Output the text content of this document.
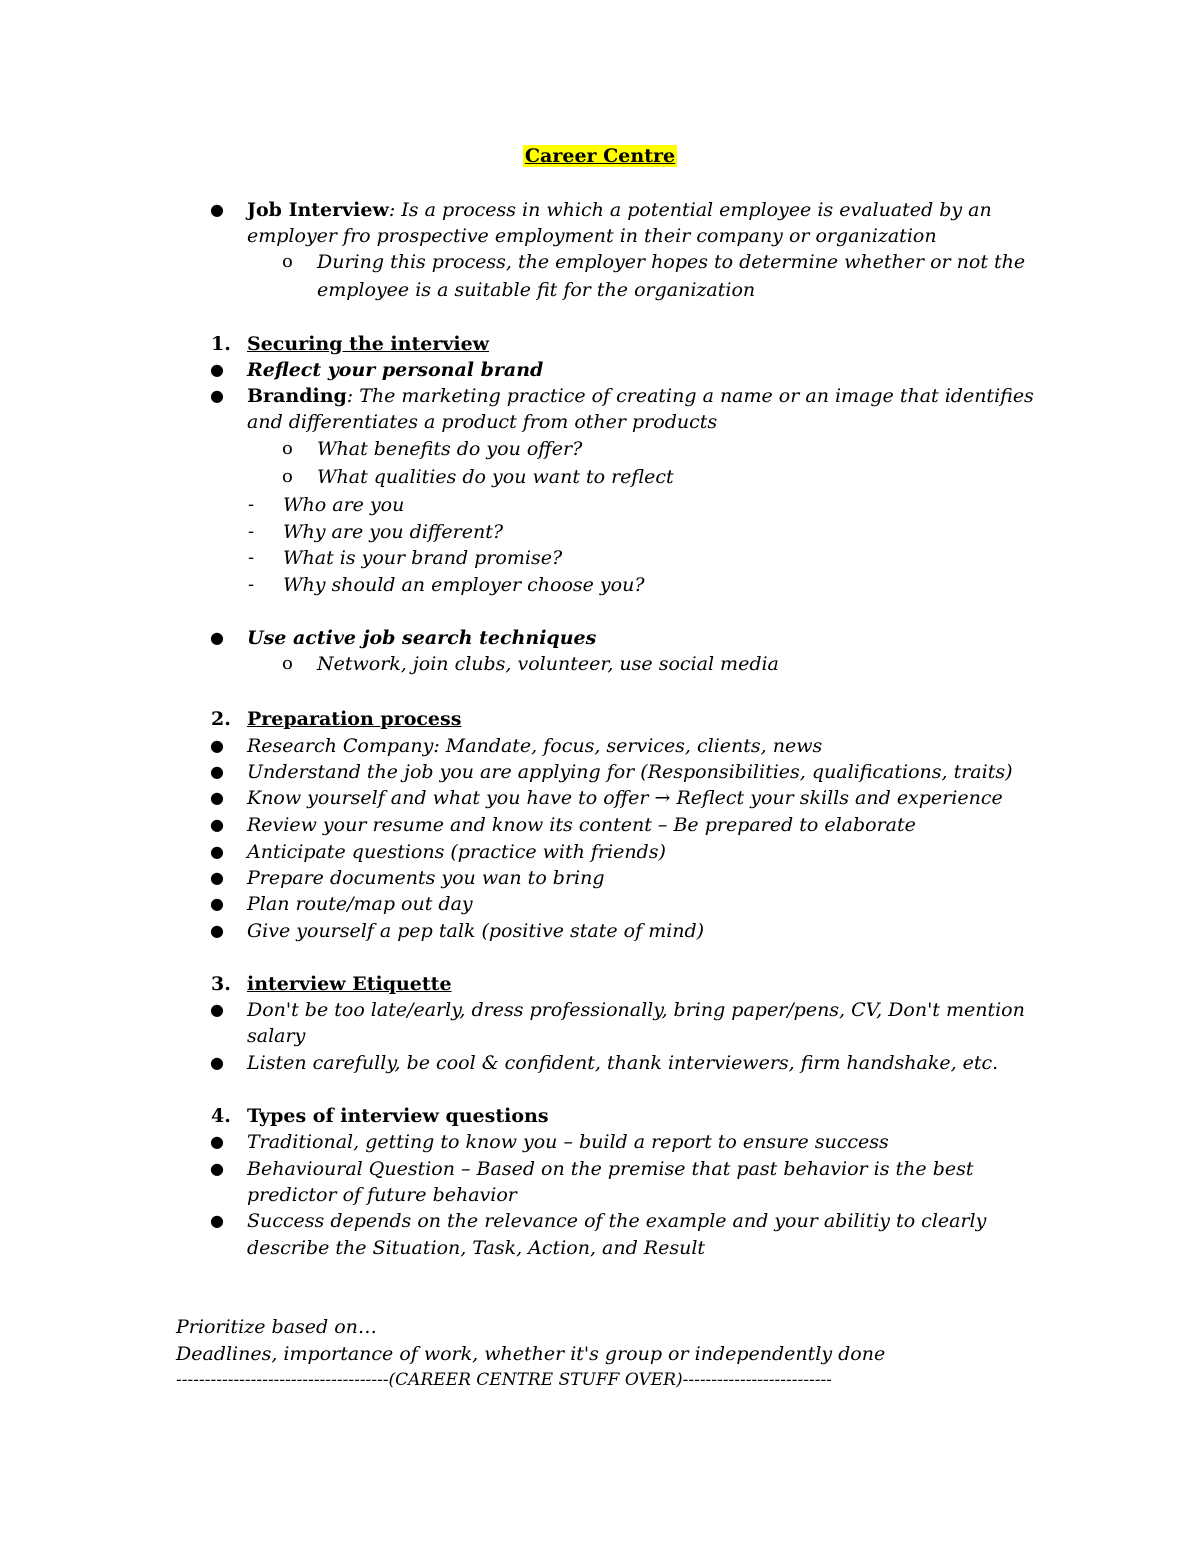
Career Centre
● Job Interview: Is a process in which a potential employee is evaluated by an
employer fro prospective employment in their company or organization
o During this process, the employer hopes to determine whether or not the
employee is a suitable fit for the organization
1. Securing the interview
● Reflect your personal brand
● Branding: The marketing practice of creating a name or an image that identifies
and differentiates a product from other products
o What benefits do you offer?
o What qualities do you want to reflect
- Who are you
- Why are you different?
- What is your brand promise?
- Why should an employer choose you?
● Use active job search techniques
o Network, join clubs, volunteer, use social media
2. Preparation process
● Research Company: Mandate, focus, services, clients, news
● Understand the job you are applying for (Responsibilities, qualifications, traits)
● Know yourself and what you have to offer → Reflect your skills and experience
● Review your resume and know its content – Be prepared to elaborate
● Anticipate questions (practice with friends)
● Prepare documents you wan to bring
● Plan route/map out day
● Give yourself a pep talk (positive state of mind)
3. interview Etiquette
● Don't be too late/early, dress professionally, bring paper/pens, CV, Don't mention
salary
● Listen carefully, be cool & confident, thank interviewers, firm handshake, etc.
4. Types of interview questions
● Traditional, getting to know you – build a report to ensure success
● Behavioural Question – Based on the premise that past behavior is the best
predictor of future behavior
● Success depends on the relevance of the example and your abilitiy to clearly
describe the Situation, Task, Action, and Result
Prioritize based on…
Deadlines, importance of work, whether it's group or independently done
-------------------------------------(CAREER CENTRE STUFF OVER)--------------------------
